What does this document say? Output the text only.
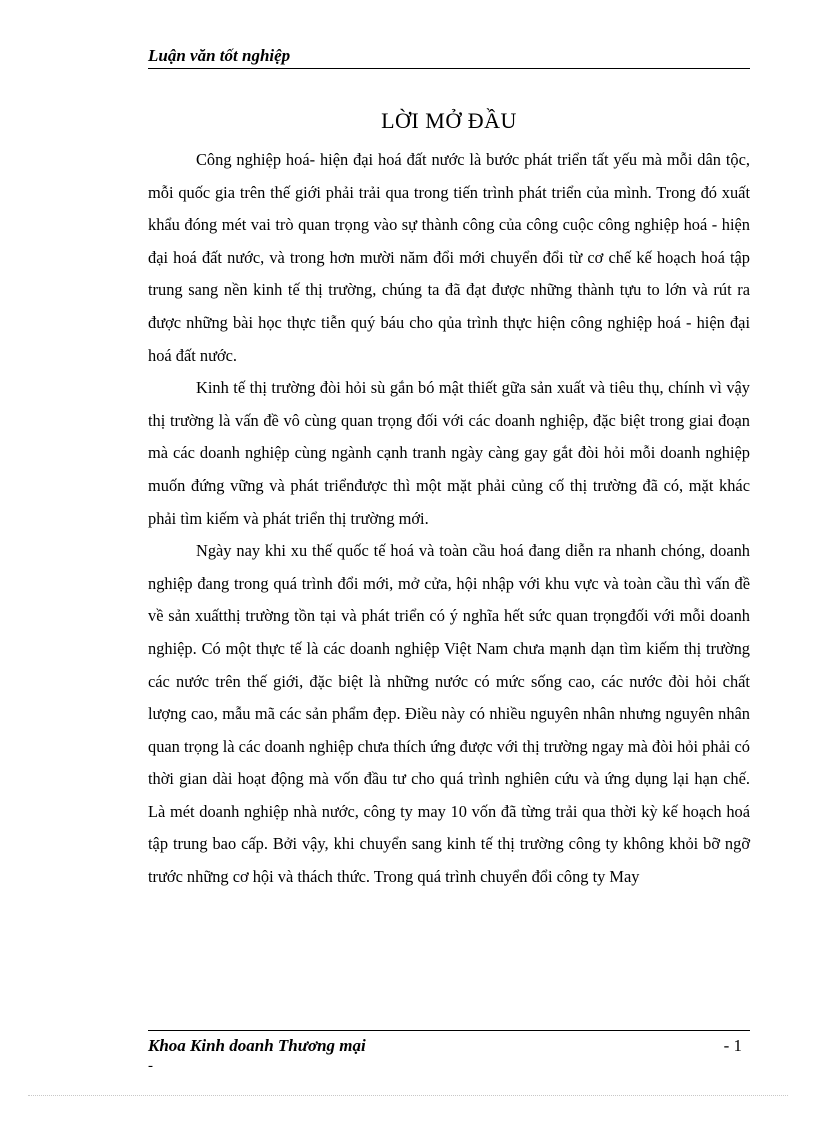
Luận văn tốt nghiệp
LỜI MỞ ĐẦU

Công nghiệp hoá- hiện đại hoá đất nước là bước phát triển tất yếu mà mỗi dân tộc, mỗi quốc gia trên thế giới phải trải qua trong tiến trình phát triển của mình. Trong đó xuất khẩu đóng mét vai trò quan trọng vào sự thành công của công cuộc công nghiệp hoá - hiện đại hoá đất nước, và trong hơn mười năm đổi mới chuyển đổi từ cơ chế kế hoạch hoá tập trung sang nền kinh tế thị trường, chúng ta đã đạt được những thành tựu to lớn và rút ra được những bài học thực tiễn quý báu cho qủa trình thực hiện công nghiệp hoá - hiện đại hoá đất nước.

Kinh tế thị trường đòi hỏi sù gắn bó mật thiết gữa sản xuất và tiêu thụ, chính vì vậy thị trường là vấn đề vô cùng quan trọng đối với các doanh nghiệp, đặc biệt trong giai đoạn mà các doanh nghiệp cùng ngành cạnh tranh ngày càng gay gắt đòi hỏi mỗi doanh nghiệp muốn đứng vững và phát triểnđược thì một mặt phải củng cố thị trường đã có, mặt khác phải tìm kiếm và phát triển thị trường mới.

Ngày nay khi xu thế quốc tế hoá và toàn cầu hoá đang diễn ra nhanh chóng, doanh nghiệp đang trong quá trình đổi mới, mở cửa, hội nhập với khu vực và toàn cầu thì vấn đề về sản xuấtthị trường tồn tại và phát triển có ý nghĩa hết sức quan trọngđối với mỗi doanh nghiệp. Có một thực tế là các doanh nghiệp Việt Nam chưa mạnh dạn tìm kiếm thị trường các nước trên thế giới, đặc biệt là những nước có mức sống cao, các nước đòi hỏi chất lượng cao, mẫu mã các sản phẩm đẹp. Điều này có nhiều nguyên nhân nhưng nguyên nhân quan trọng là các doanh nghiệp chưa thích ứng được với thị trường ngay mà đòi hỏi phải có thời gian dài hoạt động mà vốn đầu tư cho quá trình nghiên cứu và ứng dụng lại hạn chế. Là mét doanh nghiệp nhà nước, công ty may 10 vốn đã từng trải qua thời kỳ kế hoạch hoá tập trung bao cấp. Bởi vậy, khi chuyển sang kinh tế thị trường công ty không khỏi bỡ ngỡ trước những cơ hội và thách thức. Trong quá trình chuyển đổi công ty May

Khoa Kinh doanh Thương mại	- 1
-
